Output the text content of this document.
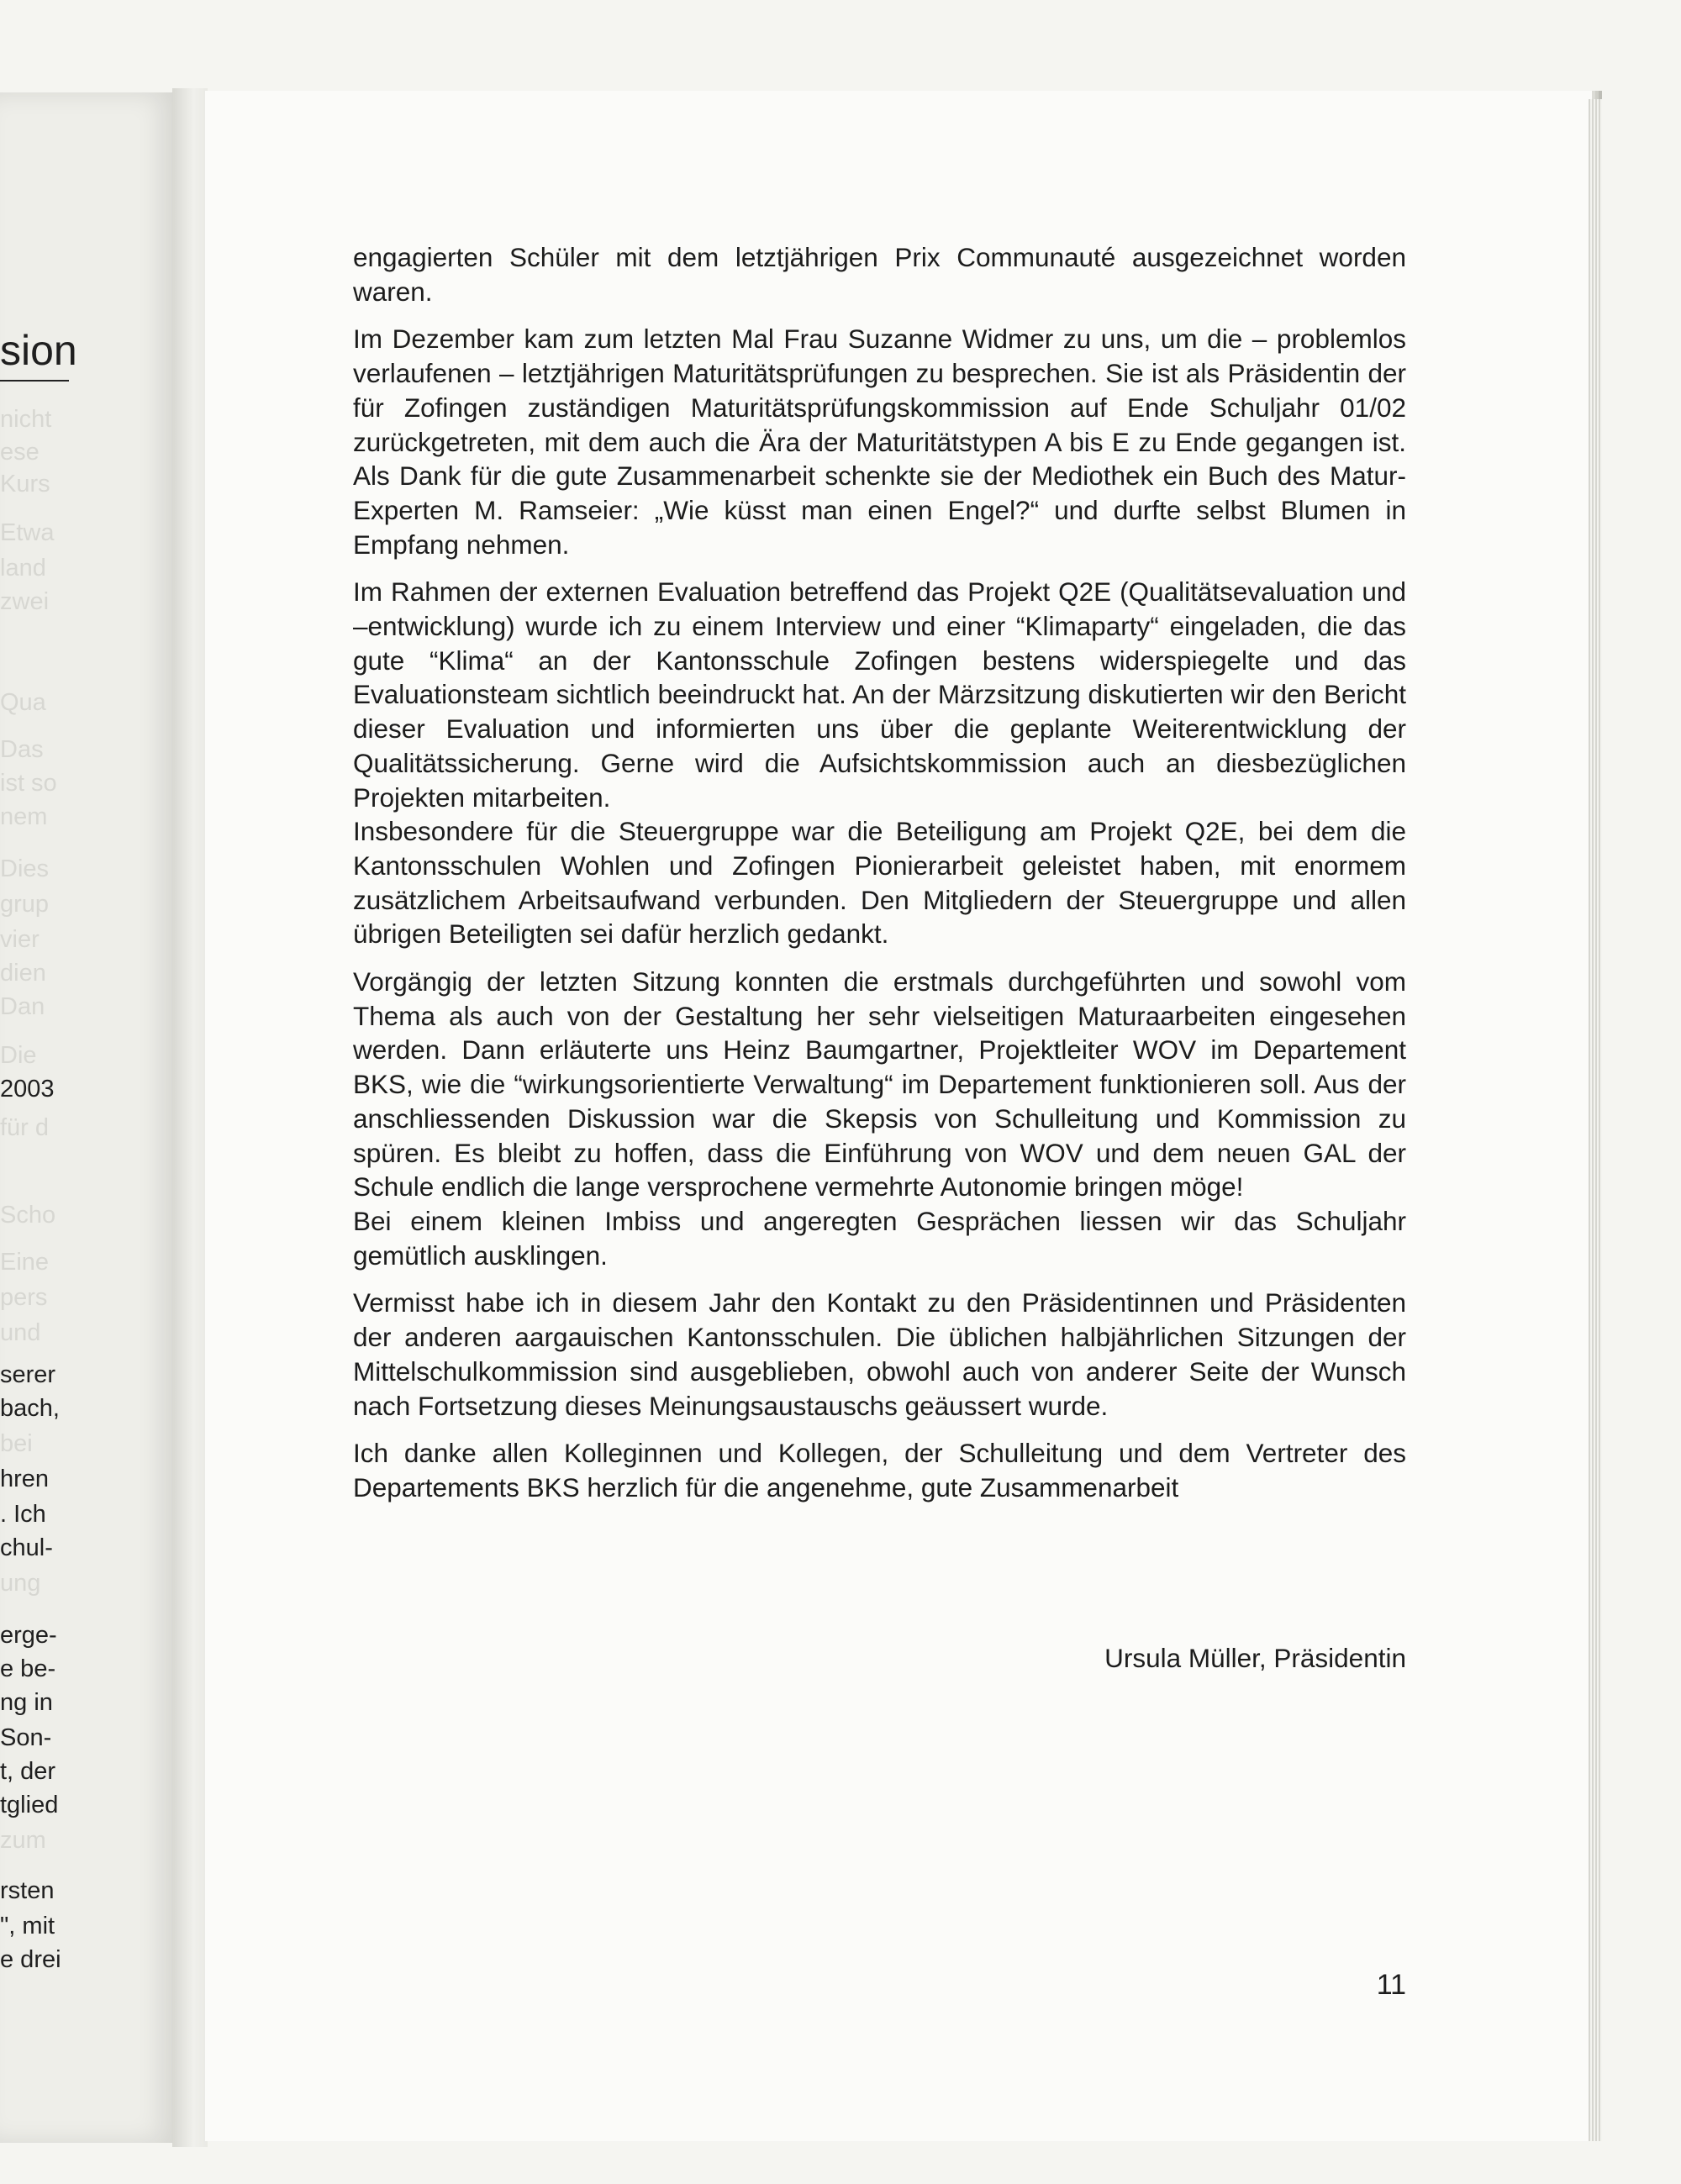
sion
nicht
ese
Kurs
Etwa
land
zwei
Qua
Das
ist so
nem
Dies
grup
vier
dien
Dan
Die
2003
für d
Scho
Eine
pers
und
serer
bach,
bei
hren
. Ich
chul-
ung
erge-
e be-
ng in
Son-
t, der
tglied
zum
rsten
", mit
e drei

engagierten Schüler mit dem letztjährigen Prix Communauté ausgezeichnet worden waren.

Im Dezember kam zum letzten Mal Frau Suzanne Widmer zu uns, um die – problemlos verlaufenen – letztjährigen Maturitätsprüfungen zu besprechen. Sie ist als Präsidentin der für Zofingen zuständigen Maturitätsprüfungskommission auf Ende Schuljahr 01/02 zurückgetreten, mit dem auch die Ära der Maturitätstypen A bis E zu Ende gegangen ist. Als Dank für die gute Zusammenarbeit schenkte sie der Mediothek ein Buch des Matur-Experten M. Ramseier: „Wie küsst man einen Engel?“ und durfte selbst Blumen in Empfang nehmen.

Im Rahmen der externen Evaluation betreffend das Projekt Q2E (Qualitätsevaluation und –entwicklung) wurde ich zu einem Interview und einer “Klimaparty“ eingeladen, die das gute “Klima“ an der Kantonsschule Zofingen bestens widerspiegelte und das Evaluationsteam sichtlich beeindruckt hat. An der Märzsitzung diskutierten wir den Bericht dieser Evaluation und informierten uns über die geplante Weiterentwicklung der Qualitätssicherung. Gerne wird die Aufsichtskommission auch an diesbezüglichen Projekten mitarbeiten.

Insbesondere für die Steuergruppe war die Beteiligung am Projekt Q2E, bei dem die Kantonsschulen Wohlen und Zofingen Pionierarbeit geleistet haben, mit enormem zusätzlichem Arbeitsaufwand verbunden. Den Mitgliedern der Steuergruppe und allen übrigen Beteiligten sei dafür herzlich gedankt.

Vorgängig der letzten Sitzung konnten die erstmals durchgeführten und sowohl vom Thema als auch von der Gestaltung her sehr vielseitigen Maturaarbeiten eingesehen werden. Dann erläuterte uns Heinz Baumgartner, Projektleiter WOV im Departement BKS, wie die “wirkungsorientierte Verwaltung“ im Departement funktionieren soll. Aus der anschliessenden Diskussion war die Skepsis von Schulleitung und Kommission zu spüren. Es bleibt zu hoffen, dass die Einführung von WOV und dem neuen GAL der Schule endlich die lange versprochene vermehrte Autonomie bringen möge!

Bei einem kleinen Imbiss und angeregten Gesprächen liessen wir das Schuljahr gemütlich ausklingen.

Vermisst habe ich in diesem Jahr den Kontakt zu den Präsidentinnen und Präsidenten der anderen aargauischen Kantonsschulen. Die üblichen halbjährlichen Sitzungen der Mittelschulkommission sind ausgeblieben, obwohl auch von anderer Seite der Wunsch nach Fortsetzung dieses Meinungsaustauschs geäussert wurde.

Ich danke allen Kolleginnen und Kollegen, der Schulleitung und dem Vertreter des Departements BKS herzlich für die angenehme, gute Zusammenarbeit

Ursula Müller, Präsidentin
11
